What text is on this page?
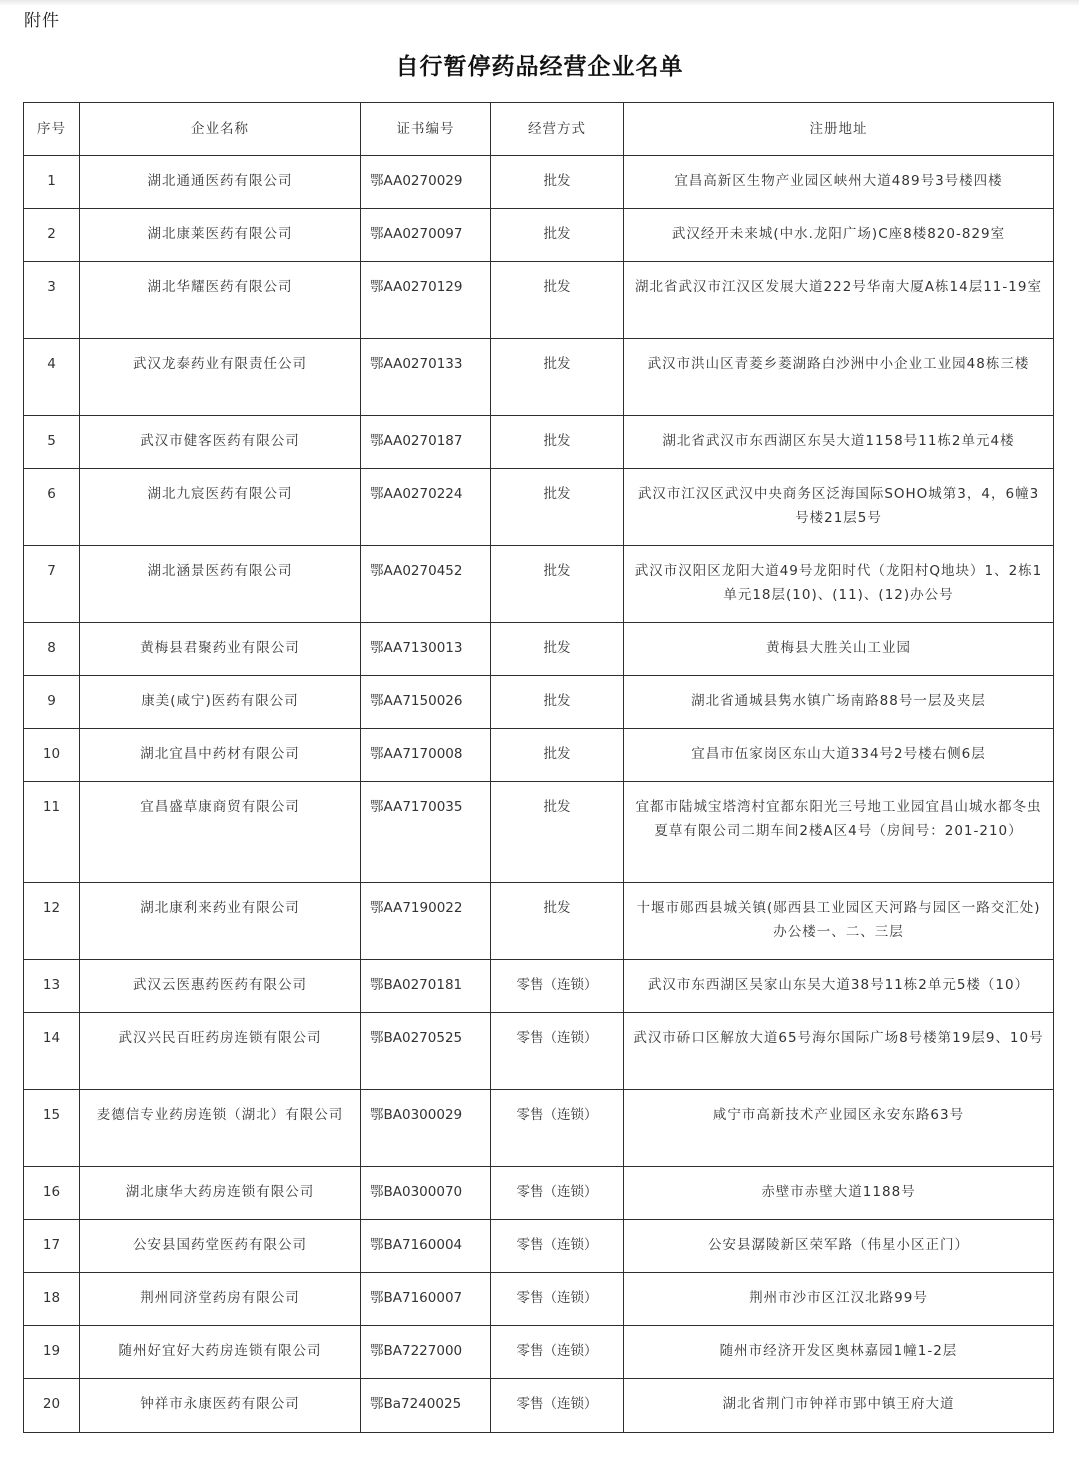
附件
自行暂停药品经营企业名单
序号	企业名称	证书编号	经营方式	注册地址
1	湖北通通医药有限公司	鄂AA0270029	批发	宜昌高新区生物产业园区峡州大道489号3号楼四楼
2	湖北康莱医药有限公司	鄂AA0270097	批发	武汉经开未来城(中水.龙阳广场)C座8楼820-829室
3	湖北华耀医药有限公司	鄂AA0270129	批发	湖北省武汉市江汉区发展大道222号华南大厦A栋14层11-19室
4	武汉龙泰药业有限责任公司	鄂AA0270133	批发	武汉市洪山区青菱乡菱湖路白沙洲中小企业工业园48栋三楼
5	武汉市健客医药有限公司	鄂AA0270187	批发	湖北省武汉市东西湖区东吴大道1158号11栋2单元4楼
6	湖北九宸医药有限公司	鄂AA0270224	批发	武汉市江汉区武汉中央商务区泛海国际SOHO城第3，4，6幢3号楼21层5号
7	湖北涵景医药有限公司	鄂AA0270452	批发	武汉市汉阳区龙阳大道49号龙阳时代（龙阳村Q地块）1、2栋1单元18层(10)、(11)、(12)办公号
8	黄梅县君聚药业有限公司	鄂AA7130013	批发	黄梅县大胜关山工业园
9	康美(咸宁)医药有限公司	鄂AA7150026	批发	湖北省通城县隽水镇广场南路88号一层及夹层
10	湖北宜昌中药材有限公司	鄂AA7170008	批发	宜昌市伍家岗区东山大道334号2号楼右侧6层
11	宜昌盛草康商贸有限公司	鄂AA7170035	批发	宜都市陆城宝塔湾村宜都东阳光三号地工业园宜昌山城水都冬虫夏草有限公司二期车间2楼A区4号（房间号：201-210）
12	湖北康利来药业有限公司	鄂AA7190022	批发	十堰市郧西县城关镇(郧西县工业园区天河路与园区一路交汇处)办公楼一、二、三层
13	武汉云医惠药医药有限公司	鄂BA0270181	零售（连锁）	武汉市东西湖区吴家山东吴大道38号11栋2单元5楼（10）
14	武汉兴民百旺药房连锁有限公司	鄂BA0270525	零售（连锁）	武汉市硚口区解放大道65号海尔国际广场8号楼第19层9、10号
15	麦德信专业药房连锁（湖北）有限公司	鄂BA0300029	零售（连锁）	咸宁市高新技术产业园区永安东路63号
16	湖北康华大药房连锁有限公司	鄂BA0300070	零售（连锁）	赤壁市赤壁大道1188号
17	公安县国药堂医药有限公司	鄂BA7160004	零售（连锁）	公安县潺陵新区荣军路（伟星小区正门）
18	荆州同济堂药房有限公司	鄂BA7160007	零售（连锁）	荆州市沙市区江汉北路99号
19	随州好宜好大药房连锁有限公司	鄂BA7227000	零售（连锁）	随州市经济开发区奥林嘉园1幢1-2层
20	钟祥市永康医药有限公司	鄂Ba7240025	零售（连锁）	湖北省荆门市钟祥市郢中镇王府大道
